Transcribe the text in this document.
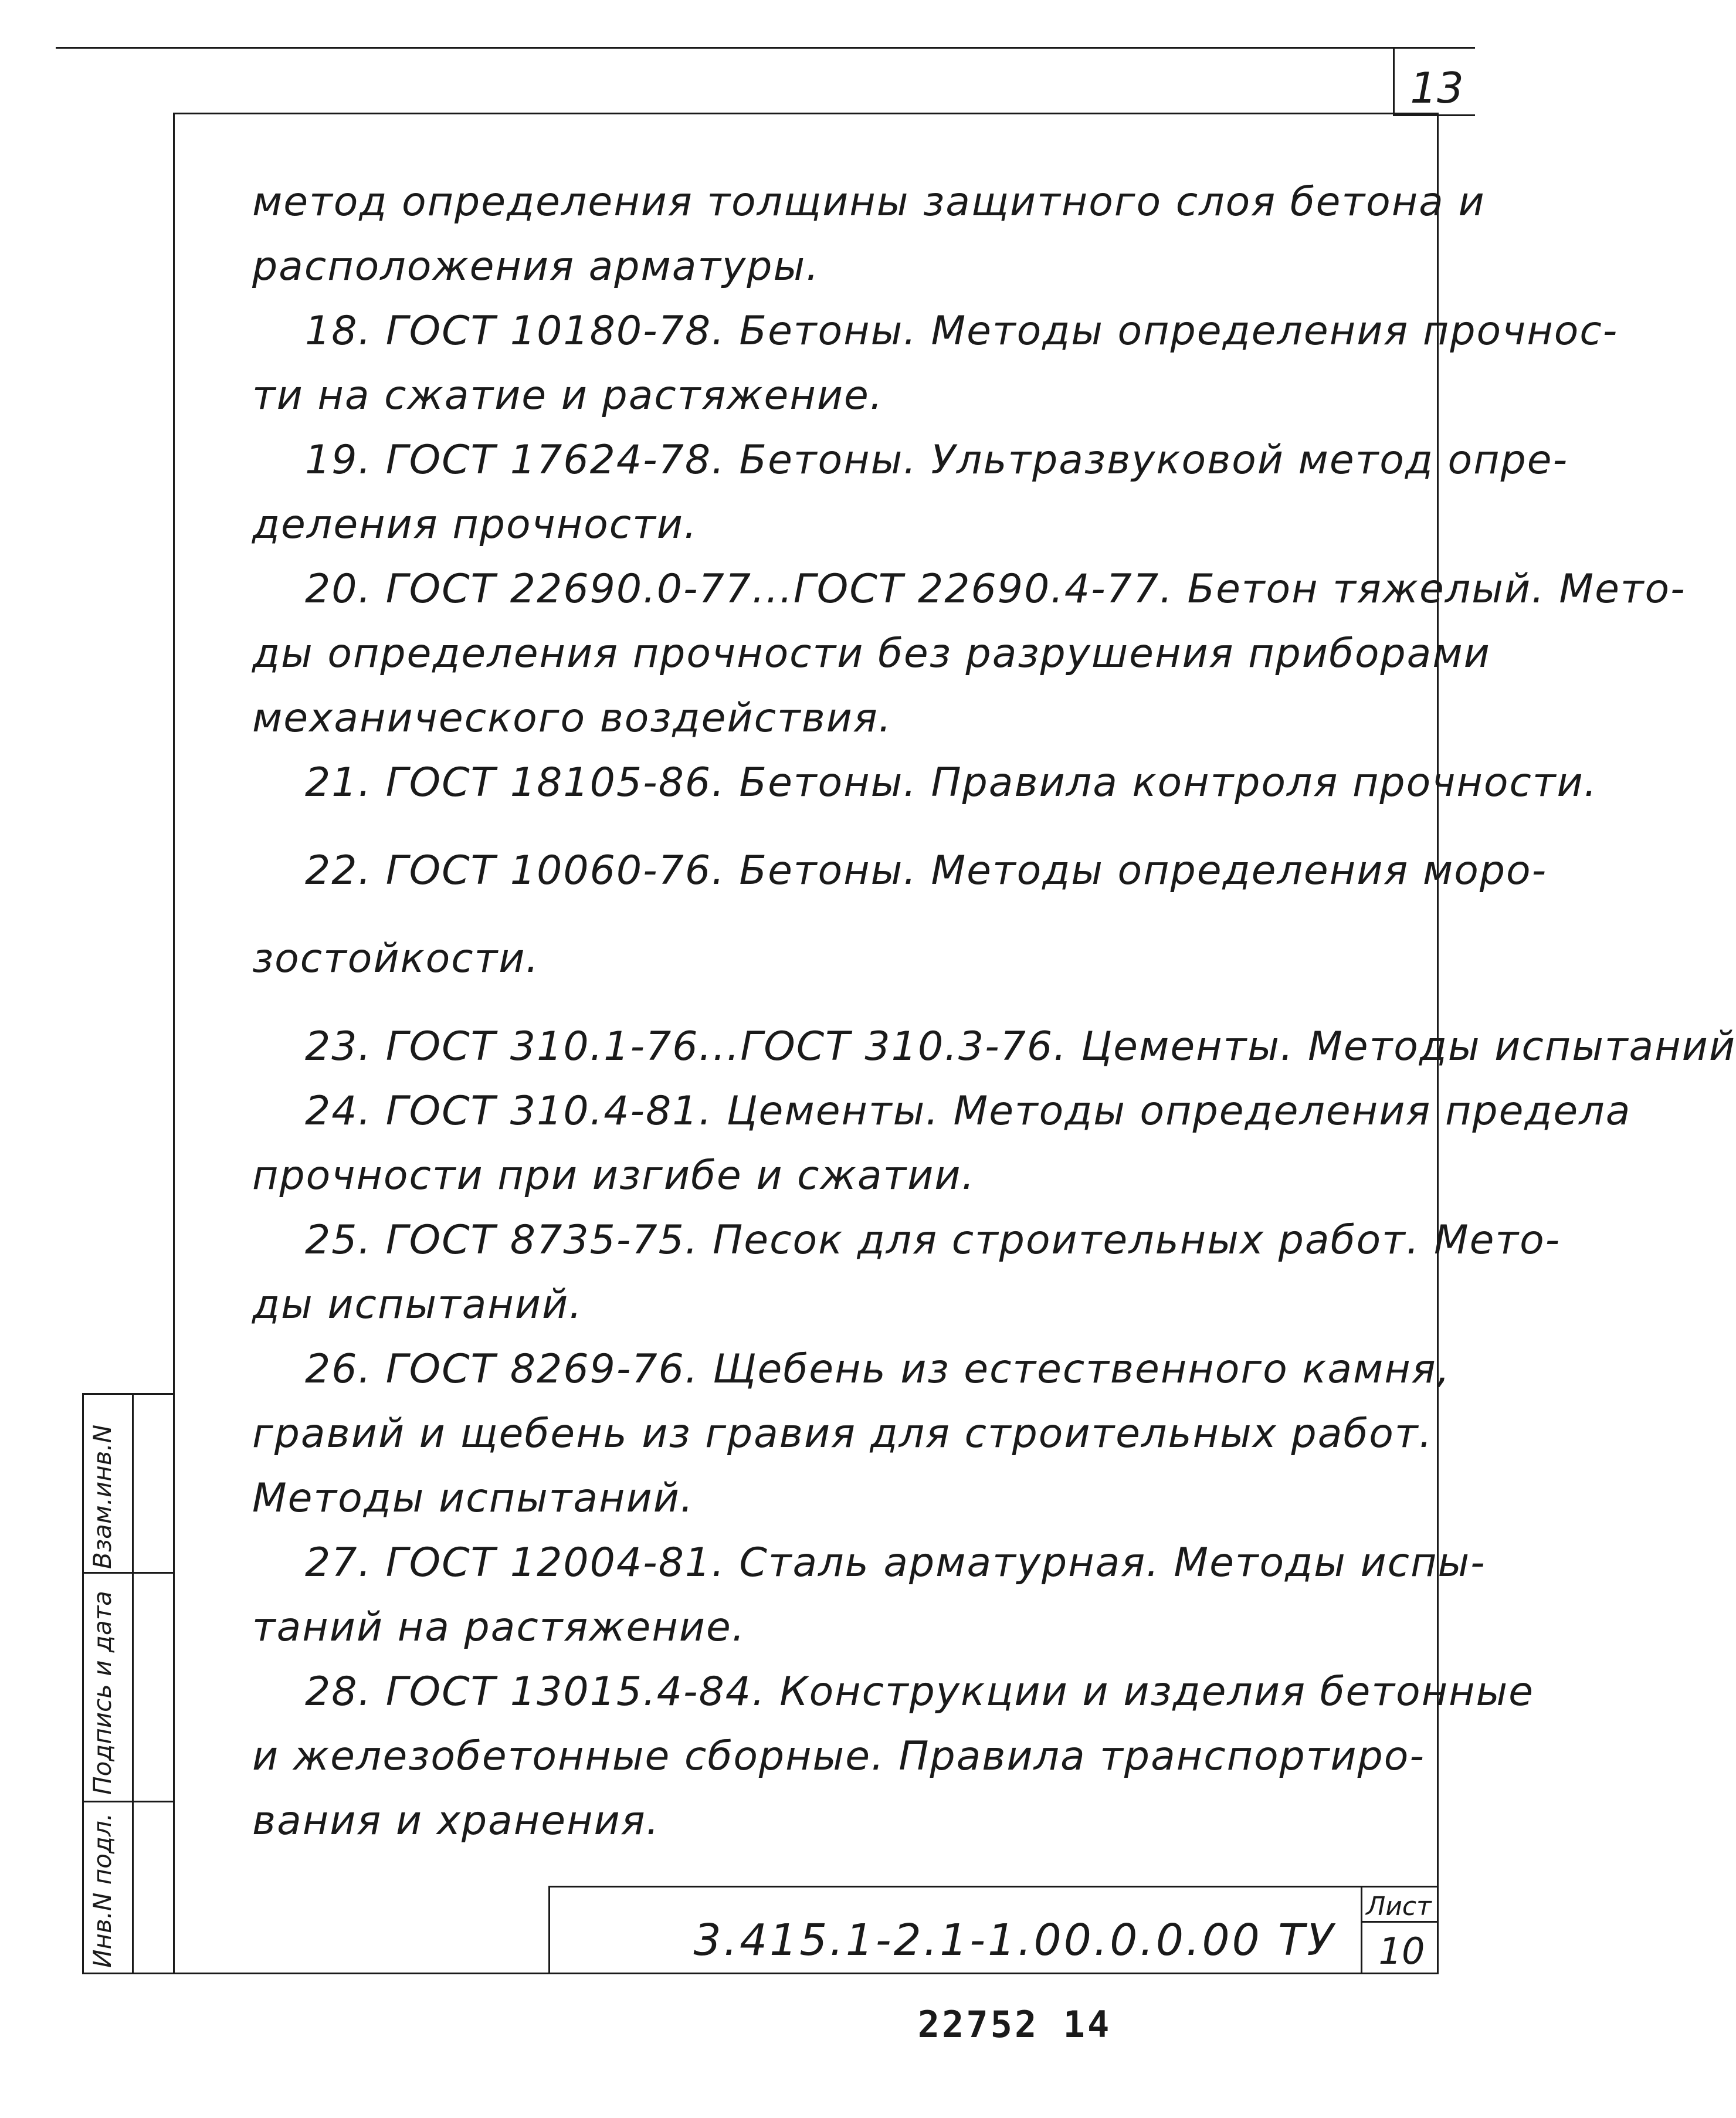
13
Взам.инв.N
Подпись и дата
Инв.N подл.
метод определения толщины защитного слоя бетона и
расположения арматуры.
18. ГОСТ 10180-78. Бетоны. Методы определения прочнос-
ти на сжатие и растяжение.
19. ГОСТ 17624-78. Бетоны. Ультразвуковой метод опре-
деления прочности.
20. ГОСТ 22690.0-77...ГОСТ 22690.4-77. Бетон тяжелый. Мето-
ды определения прочности без разрушения приборами
механического воздействия.
21. ГОСТ 18105-86. Бетоны. Правила контроля прочности.
22. ГОСТ 10060-76. Бетоны. Методы определения моро-
зостойкости.
23. ГОСТ 310.1-76...ГОСТ 310.3-76. Цементы. Методы испытаний
24. ГОСТ 310.4-81. Цементы. Методы определения предела
прочности при изгибе и сжатии.
25. ГОСТ 8735-75. Песок для строительных работ. Мето-
ды испытаний.
26. ГОСТ 8269-76. Щебень из естественного камня,
гравий и щебень из гравия для строительных работ.
Методы испытаний.
27. ГОСТ 12004-81. Сталь арматурная. Методы испы-
таний на растяжение.
28. ГОСТ 13015.4-84. Конструкции и изделия бетонные
и железобетонные сборные. Правила транспортиро-
вания и хранения.
3.415.1-2.1-1.00.0.0.00 ТУ
Лист
10
22752 14
